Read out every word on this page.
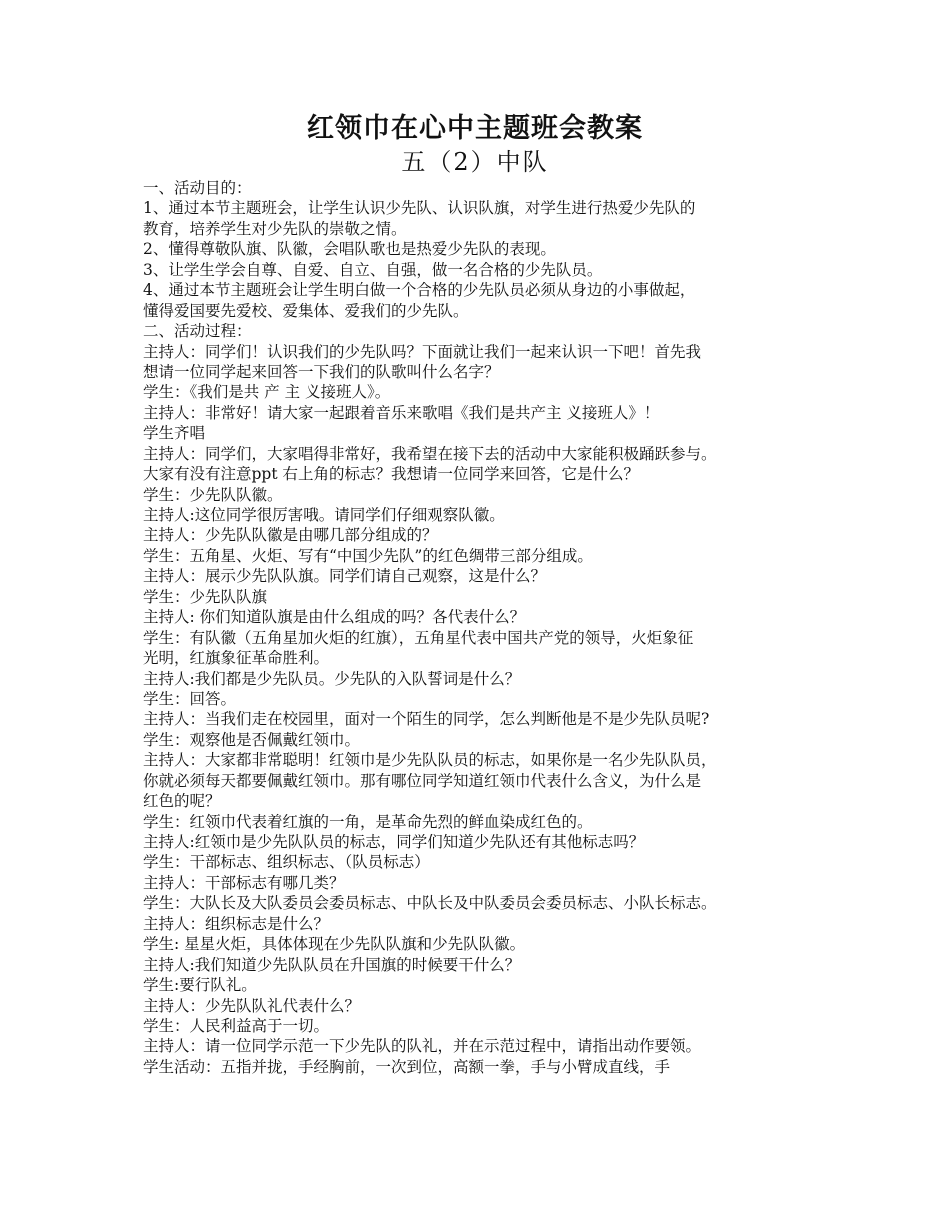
红领巾在心中主题班会教案
五（2）中队
一、活动目的：
1、通过本节主题班会，让学生认识少先队、认识队旗，对学生进行热爱少先队的
教育，培养学生对少先队的崇敬之情。
2、懂得尊敬队旗、队徽，会唱队歌也是热爱少先队的表现。
3、让学生学会自尊、自爱、自立、自强，做一名合格的少先队员。
4、通过本节主题班会让学生明白做一个合格的少先队员必须从身边的小事做起，
懂得爱国要先爱校、爱集体、爱我们的少先队。
二、活动过程：
主持人：同学们！认识我们的少先队吗？下面就让我们一起来认识一下吧！首先我
想请一位同学起来回答一下我们的队歌叫什么名字？
学生：《我们是共 产 主 义接班人》。
主持人：非常好！请大家一起跟着音乐来歌唱《我们是共产主 义接班人》！
学生齐唱
主持人：同学们，大家唱得非常好，我希望在接下去的活动中大家能积极踊跃参与。
大家有没有注意ppt 右上角的标志？我想请一位同学来回答，它是什么？
学生：少先队队徽。
主持人:这位同学很厉害哦。请同学们仔细观察队徽。
主持人：少先队队徽是由哪几部分组成的？
学生：五角星、火炬、写有“中国少先队”的红色绸带三部分组成。
主持人：展示少先队队旗。同学们请自己观察，这是什么？
学生：少先队队旗
主持人: 你们知道队旗是由什么组成的吗？各代表什么？
学生：有队徽（五角星加火炬的红旗），五角星代表中国共产党的领导，火炬象征
光明，红旗象征革命胜利。
主持人:我们都是少先队员。少先队的入队誓词是什么？
学生：回答。
主持人：当我们走在校园里，面对一个陌生的同学，怎么判断他是不是少先队员呢?
学生：观察他是否佩戴红领巾。
主持人：大家都非常聪明！红领巾是少先队队员的标志，如果你是一名少先队队员，
你就必须每天都要佩戴红领巾。那有哪位同学知道红领巾代表什么含义，为什么是
红色的呢？
学生：红领巾代表着红旗的一角，是革命先烈的鲜血染成红色的。
主持人:红领巾是少先队队员的标志，同学们知道少先队还有其他标志吗？
学生：干部标志、组织标志、（队员标志）
主持人：干部标志有哪几类？
学生：大队长及大队委员会委员标志、中队长及中队委员会委员标志、小队长标志。
主持人：组织标志是什么？
学生: 星星火炬，具体体现在少先队队旗和少先队队徽。
主持人:我们知道少先队队员在升国旗的时候要干什么？
学生:要行队礼。
主持人：少先队队礼代表什么？
学生：人民利益高于一切。
主持人：请一位同学示范一下少先队的队礼，并在示范过程中，请指出动作要领。
学生活动：五指并拢，手经胸前，一次到位，高额一拳，手与小臂成直线，手
